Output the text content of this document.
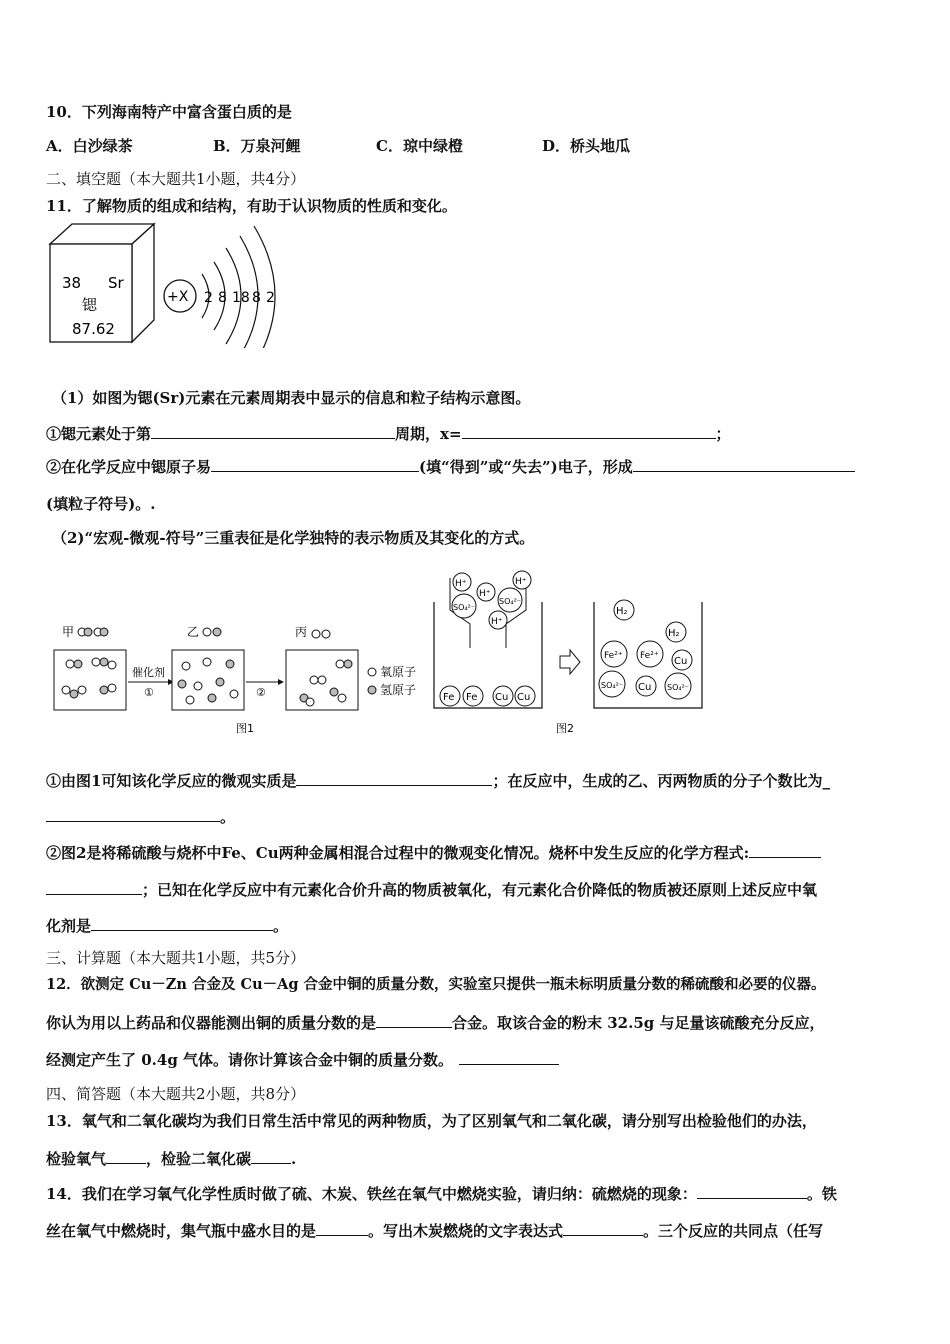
10．下列海南特产中富含蛋白质的是
A．白沙绿茶	B．万泉河鲤	C．琼中绿橙	D．桥头地瓜
二、填空题（本大题共1小题，共4分）
11．了解物质的组成和结构，有助于认识物质的性质和变化。
38 Sr
锶
87.62
+X 2 8 18 8 2
（1）如图为锶(Sr)元素在元素周期表中显示的信息和粒子结构示意图。
①锶元素处于第	周期，x=	；
②在化学反应中锶原子易	(填“得到”或“失去”)电子，形成
(填粒子符号)。.
（2)“宏观-微观-符号”三重表征是化学独特的表示物质及其变化的方式。
甲	乙	丙
催化剂
①	②
氧原子
氢原子
图1
H⁺	H⁺
SO₄²⁻
H⁺
SO₄²⁻
H⁺
Fe Fe Cu Cu
H₂
H₂
Fe²⁺ Fe²⁺ Cu
SO₄²⁻ Cu SO₄²⁻
图2
①由图1可知该化学反应的微观实质是	；在反应中，生成的乙、丙两物质的分子个数比为_
。
②图2是将稀硫酸与烧杯中Fe、Cu两种金属相混合过程中的微观变化情况。烧杯中发生反应的化学方程式:
；已知在化学反应中有元素化合价升高的物质被氧化，有元素化合价降低的物质被还原则上述反应中氧
化剂是	。
三、计算题（本大题共1小题，共5分）
12．欲测定 Cu－Zn 合金及 Cu－Ag 合金中铜的质量分数，实验室只提供一瓶未标明质量分数的稀硫酸和必要的仪器。
你认为用以上药品和仪器能测出铜的质量分数的是	合金。取该合金的粉末 32.5g 与足量该硫酸充分反应，
经测定产生了 0.4g 气体。请你计算该合金中铜的质量分数。
四、简答题（本大题共2小题，共8分）
13．氧气和二氧化碳均为我们日常生活中常见的两种物质，为了区别氧气和二氧化碳，请分别写出检验他们的办法，
检验氧气	，检验二氧化碳	.
14．我们在学习氧气化学性质时做了硫、木炭、铁丝在氧气中燃烧实验，请归纳：硫燃烧的现象：	。铁
丝在氧气中燃烧时，集气瓶中盛水目的是	。写出木炭燃烧的文字表达式	。三个反应的共同点（任写
